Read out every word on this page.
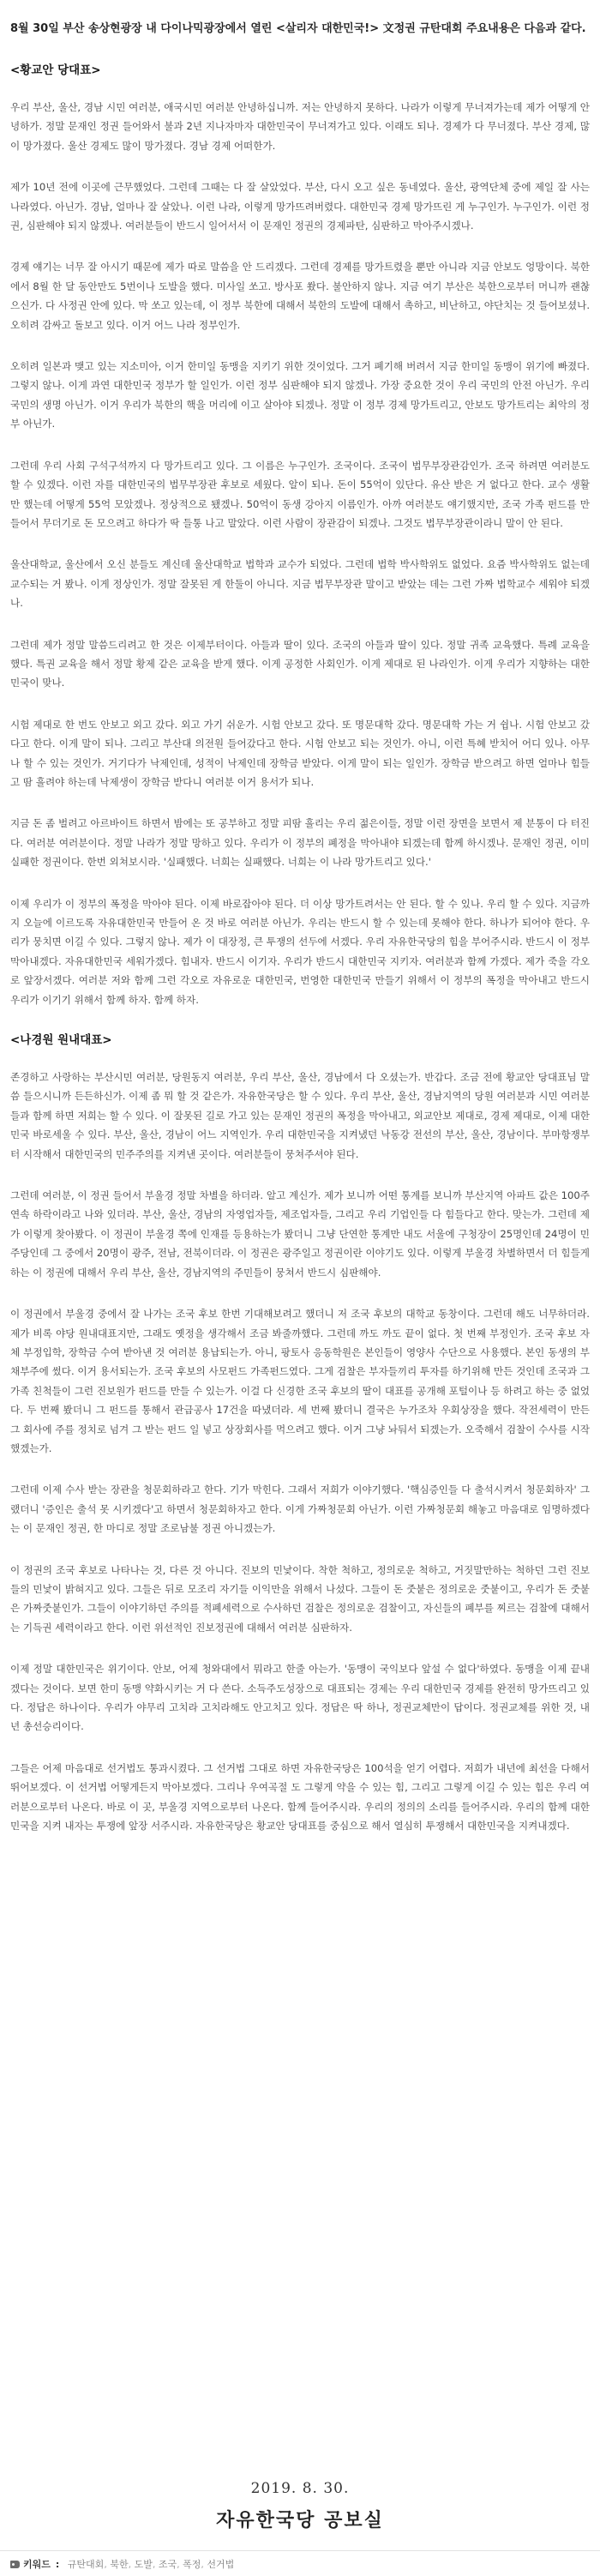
8월 30일 부산 송상현광장 내 다이나믹광장에서 열린 <살리자 대한민국!> 文정권 규탄대회 주요내용은 다음과 같다.

<황교안 당대표>

우리 부산, 울산, 경남 시민 여러분, 애국시민 여러분 안녕하십니까. 저는 안녕하지 못하다. 나라가 이렇게 무너져가는데 제가 어떻게 안녕하가. 정말 문재인 정권 들어와서 불과 2년 지나자마자 대한민국이 무너져가고 있다. 이래도 되나. 경제가 다 무너졌다. 부산 경제, 많이 망가졌다. 울산 경제도 많이 망가졌다. 경남 경제 어떠한가.

제가 10년 전에 이곳에 근무했었다. 그런데 그때는 다 잘 살았었다. 부산, 다시 오고 싶은 동네였다. 울산, 광역단체 중에 제일 잘 사는 나라였다. 아닌가. 경남, 얼마나 잘 살았나. 이런 나라, 이렇게 망가뜨려버렸다. 대한민국 경제 망가뜨린 게 누구인가. 누구인가. 이런 정권, 심판해야 되지 않겠나. 여러분들이 반드시 일어서서 이 문재인 정권의 경제파탄, 심판하고 막아주시겠나.

경제 얘기는 너무 잘 아시기 때문에 제가 따로 말씀을 안 드리겠다. 그런데 경제를 망가트렸을 뿐만 아니라 지금 안보도 엉망이다. 북한에서 8월 한 달 동안만도 5번이나 도발을 했다. 미사일 쏘고. 방사포 쐈다. 불안하지 않나. 지금 여기 부산은 북한으로부터 머니까 괜찮으신가. 다 사정권 안에 있다. 막 쏘고 있는데, 이 정부 북한에 대해서 북한의 도발에 대해서 촉하고, 비난하고, 야단치는 것 들어보셨나. 오히려 감싸고 돌보고 있다. 이거 어느 나라 정부인가.

오히려 일본과 맺고 있는 지소미아, 이거 한미일 동맹을 지키기 위한 것이었다. 그거 폐기해 버려서 지금 한미일 동맹이 위기에 빠졌다. 그렇지 않나. 이게 과연 대한민국 정부가 할 일인가. 이런 정부 심판해야 되지 않겠나. 가장 중요한 것이 우리 국민의 안전 아닌가. 우리 국민의 생명 아닌가. 이거 우리가 북한의 핵을 머리에 이고 살아야 되겠나. 정말 이 정부 경제 망가트리고, 안보도 망가트리는 최악의 정부 아닌가.

그런데 우리 사회 구석구석까지 다 망가트리고 있다. 그 이름은 누구인가. 조국이다. 조국이 법무부장관감인가. 조국 하려면 여러분도 할 수 있겠다. 이런 자를 대한민국의 법무부장관 후보로 세웠다. 알이 되나. 돈이 55억이 있단다. 유산 받은 거 없다고 한다. 교수 생활만 했는데 어떻게 55억 모았겠나. 정상적으로 됐겠나. 50억이 동생 강아지 이름인가. 아까 여러분도 얘기했지만, 조국 가족 펀드를 만들어서 무더기로 돈 모으려고 하다가 딱 들통 나고 말았다. 이런 사람이 장관감이 되겠나. 그것도 법무부장관이라니 말이 안 된다.

울산대학교, 울산에서 오신 분들도 계신데 울산대학교 법학과 교수가 되었다. 그런데 법학 박사학위도 없었다. 요즘 박사학위도 없는데 교수되는 거 봤나. 이게 정상인가. 정말 잘못된 게 한둘이 아니다. 지금 법무부장관 말이고 받았는 데는 그런 가짜 법학교수 세워야 되겠나.

그런데 제가 정말 말씀드리려고 한 것은 이제부터이다. 아들과 딸이 있다. 조국의 아들과 딸이 있다. 정말 귀족 교육했다. 특례 교육을 했다. 특권 교육을 해서 정말 황제 같은 교육을 받게 했다. 이게 공정한 사회인가. 이게 제대로 된 나라인가. 이게 우리가 지향하는 대한민국이 맞나.

시험 제대로 한 번도 안보고 외고 갔다. 외고 가기 쉬운가. 시험 안보고 갔다. 또 명문대학 갔다. 명문대학 가는 거 쉽나. 시험 안보고 갔다고 한다. 이게 말이 되나. 그리고 부산대 의전원 들어갔다고 한다. 시험 안보고 되는 것인가. 아니, 이런 특혜 받치어 어디 있나. 아무나 할 수 있는 것인가. 거기다가 낙제인데, 성적이 낙제인데 장학금 받았다. 이게 말이 되는 일인가. 장학금 받으려고 하면 얼마나 힘들고 땀 흘려야 하는데 낙제생이 장학금 받다니 여러분 이거 용서가 되나.

지금 돈 좀 벌려고 아르바이트 하면서 밤에는 또 공부하고 정말 피땀 흘리는 우리 젊은이들, 정말 이런 장면을 보면서 제 분통이 다 터진다. 여러분 여러분이다. 정말 나라가 정말 망하고 있다. 우리가 이 정부의 폐정을 막아내야 되겠는데 함께 하시겠나. 문재인 정권, 이미 실패한 정권이다. 한번 외쳐보시라. '실패했다. 너희는 실패했다. 너희는 이 나라 망가트리고 있다.'

이제 우리가 이 정부의 폭정을 막아야 된다. 이제 바로잡아야 된다. 더 이상 망가트려서는 안 된다. 할 수 있나. 우리 할 수 있다. 지금까지 오늘에 이르도록 자유대한민국 만들어 온 것 바로 여러분 아닌가. 우리는 반드시 할 수 있는데 못해야 한다. 하나가 되어야 한다. 우리가 뭉치면 이길 수 있다. 그렇지 않나. 제가 이 대장정, 큰 투쟁의 선두에 서겠다. 우리 자유한국당의 힘을 부어주시라. 반드시 이 정부 막아내겠다. 자유대한민국 세워가겠다. 힘내자. 반드시 이기자. 우리가 반드시 대한민국 지키자. 여러분과 함께 가겠다. 제가 죽을 각오로 앞장서겠다. 여러분 저와 함께 그런 각오로 자유로운 대한민국, 번영한 대한민국 만들기 위해서 이 정부의 폭정을 막아내고 반드시 우리가 이기기 위해서 함께 하자. 함께 하자.

<나경원 원내대표>

존경하고 사랑하는 부산시민 여러분, 당원동지 여러분, 우리 부산, 울산, 경남에서 다 오셨는가. 반갑다. 조금 전에 황교안 당대표님 말씀 들으시니까 든든하신가. 이제 좀 뭐 할 것 같은가. 자유한국당은 할 수 있다. 우리 부산, 울산, 경남지역의 당원 여러분과 시민 여러분들과 함께 하면 저희는 할 수 있다. 이 잘못된 길로 가고 있는 문재인 정권의 폭정을 막아내고, 외교안보 제대로, 경제 제대로, 이제 대한민국 바로세울 수 있다. 부산, 울산, 경남이 어느 지역인가. 우리 대한민국을 지켜냈던 낙동강 전선의 부산, 울산, 경남이다. 부마항쟁부터 시작해서 대한민국의 민주주의를 지켜낸 곳이다. 여러분들이 뭉쳐주셔야 된다.

그런데 여러분, 이 정권 들어서 부울경 정말 차별을 하더라. 알고 계신가. 제가 보니까 어떤 통계를 보니까 부산지역 아파트 값은 100주 연속 하락이라고 나와 있더라. 부산, 울산, 경남의 자영업자들, 제조업자들, 그리고 우리 기업인들 다 힘들다고 한다. 맞는가. 그런데 제가 이렇게 찾아봤다. 이 정권이 부울경 쪽에 인재를 등용하는가 봤더니 그냥 단연한 통계만 내도 서울에 구청장이 25명인데 24명이 민주당인데 그 중에서 20명이 광주, 전남, 전북이더라. 이 정권은 광주일고 정권이란 이야기도 있다. 이렇게 부울경 차별하면서 더 힘들게 하는 이 정권에 대해서 우리 부산, 울산, 경남지역의 주민들이 뭉쳐서 반드시 심판해야.

이 정권에서 부울경 중에서 잘 나가는 조국 후보 한번 기대해보려고 했더니 저 조국 후보의 대학교 동창이다. 그런데 해도 너무하더라. 제가 비록 야당 원내대표지만, 그래도 옛정을 생각해서 조금 봐줄까했다. 그런데 까도 까도 끝이 없다. 첫 번째 부정인가. 조국 후보 자체 부정입학, 장학금 수여 받아낸 것 여러분 용납되는가. 아니, 팡토사 응동학원은 본인들이 영양사 수단으로 사용했다. 본인 동생의 부채부주에 썼다. 이거 용서되는가. 조국 후보의 사모펀드 가족펀드였다. 그게 검찰은 부자들끼리 투자를 하기위해 만든 것인데 조국과 그 가족 친척들이 그런 진보원가 펀드를 만들 수 있는가. 이걸 다 신경한 조국 후보의 딸이 대표를 공개해 포털이나 등 하려고 하는 중 없었다. 두 번째 봤더니 그 펀드를 통해서 관급공사 17건을 따냈더라. 세 번째 봤더니 결국은 누가조차 우회상장을 했다. 작전세력이 만든 그 회사에 주를 정치로 넘겨 그 받는 펀드 일 넣고 상장회사를 먹으려고 했다. 이거 그냥 놔둬서 되겠는가. 오죽해서 검찰이 수사를 시작했겠는가.

그런데 이제 수사 받는 장관을 청문회하라고 한다. 기가 막힌다. 그래서 저희가 이야기했다. '핵심증인들 다 출석시켜서 청문회하자' 그랬더니 '증인은 출석 못 시키겠다'고 하면서 청문회하자고 한다. 이게 가짜청문회 아닌가. 이런 가짜청문회 해놓고 마음대로 임명하겠다는 이 문재인 정권, 한 마디로 정말 조로남불 정권 아니겠는가.

이 정권의 조국 후보로 나타나는 것, 다른 것 아니다. 진보의 민낯이다. 착한 척하고, 정의로운 척하고, 거짓말만하는 척하던 그런 진보들의 민낯이 밝혀지고 있다. 그들은 뒤로 모조리 자기들 이익만을 위해서 나섰다. 그들이 돈 줏붙은 정의로운 줏붙이고, 우리가 돈 줏붙은 가짜줏붙인가. 그들이 이야기하던 주의를 적폐세력으로 수사하던 검찰은 정의로운 검찰이고, 자신들의 폐부를 찌르는 검찰에 대해서는 기득권 세력이라고 한다. 이런 위선적인 진보정권에 대해서 여러분 심판하자.

이제 정말 대한민국은 위기이다. 안보, 어제 청와대에서 뭐라고 한줄 아는가. '동맹이 국익보다 앞설 수 없다'하였다. 동맹을 이제 끝내겠다는 것이다. 보면 한미 동맹 약화시키는 거 다 쓴다. 소득주도성장으로 대표되는 경제는 우리 대한민국 경제를 완전히 망가뜨리고 있다. 정답은 하나이다. 우리가 야무리 고치라 고치라해도 안고치고 있다. 정답은 딱 하나, 정권교체만이 답이다. 정권교체를 위한 것, 내년 총선승리이다.

그들은 어제 마음대로 선거법도 통과시켰다. 그 선거법 그대로 하면 자유한국당은 100석을 얻기 어렵다. 저희가 내년에 최선을 다해서 뛰어보겠다. 이 선거법 어떻게든지 막아보겠다. 그리나 우여곡절 도 그렇게 약을 수 있는 힘, 그리고 그렇게 이길 수 있는 힘은 우리 여러분으로부터 나온다. 바로 이 곳, 부울경 지역으로부터 나온다. 함께 들어주시라. 우리의 정의의 소리를 들어주시라. 우리의 함께 대한민국을 지켜 내자는 투쟁에 앞장 서주시라. 자유한국당은 황교안 당대표를 중심으로 해서 열심히 투쟁해서 대한민국을 지켜내겠다.

2019. 8. 30.
자유한국당 공보실
키워드 : 규탄대회, 북한, 도발, 조국, 폭정, 선거법
